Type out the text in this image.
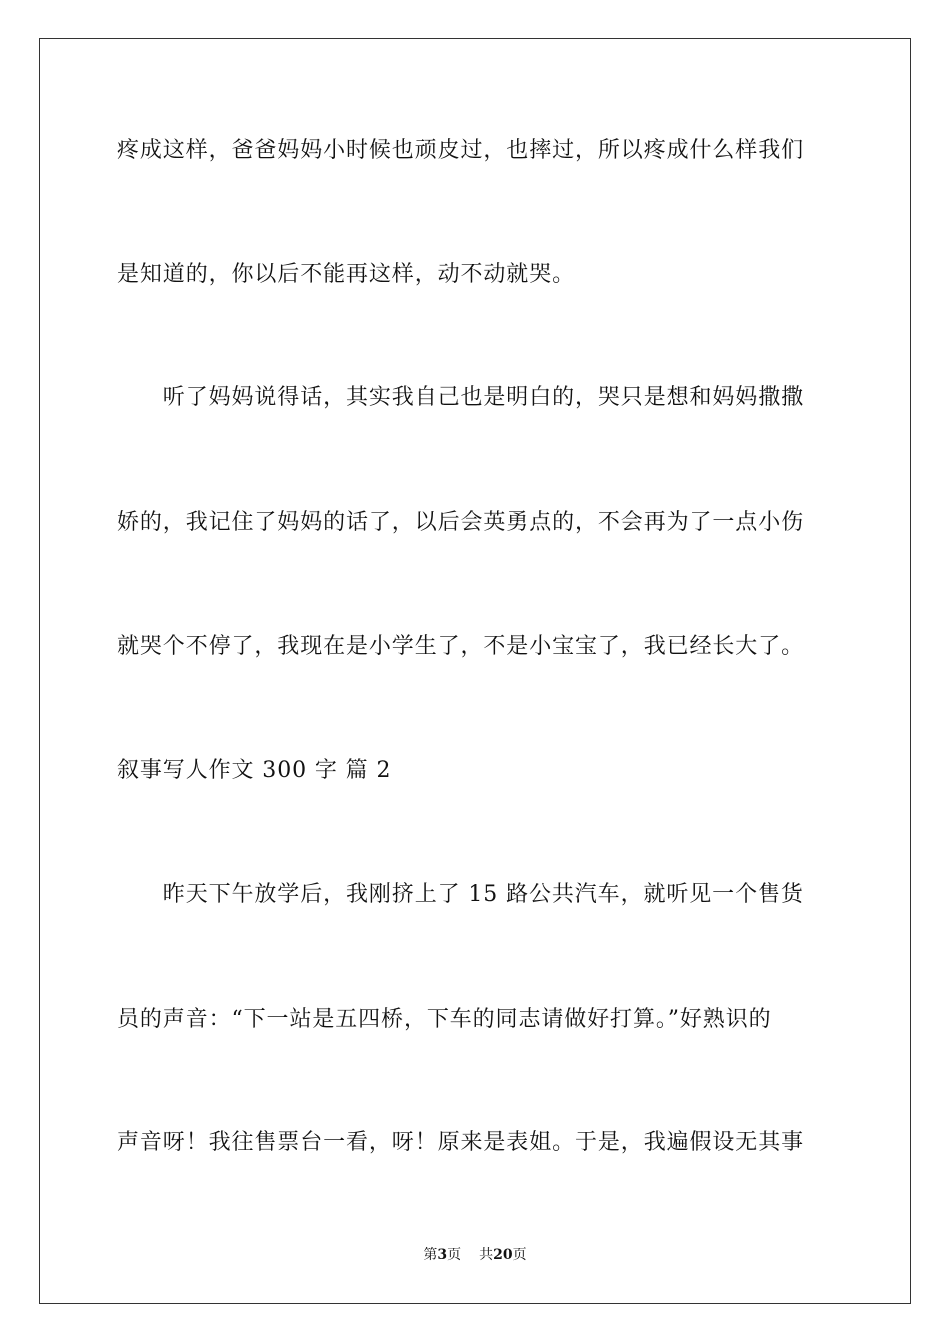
疼成这样，爸爸妈妈小时候也顽皮过，也摔过，所以疼成什么样我们
是知道的，你以后不能再这样，动不动就哭。
　　听了妈妈说得话，其实我自己也是明白的，哭只是想和妈妈撒撒
娇的，我记住了妈妈的话了，以后会英勇点的，不会再为了一点小伤
就哭个不停了，我现在是小学生了，不是小宝宝了，我已经长大了。
叙事写人作文 300 字 篇 2
　　昨天下午放学后，我刚挤上了 15 路公共汽车，就听见一个售货
员的声音：“下一站是五四桥，下车的同志请做好打算。”好熟识的
声音呀！我往售票台一看，呀！原来是表姐。于是，我遍假设无其事
第3页 共20页
